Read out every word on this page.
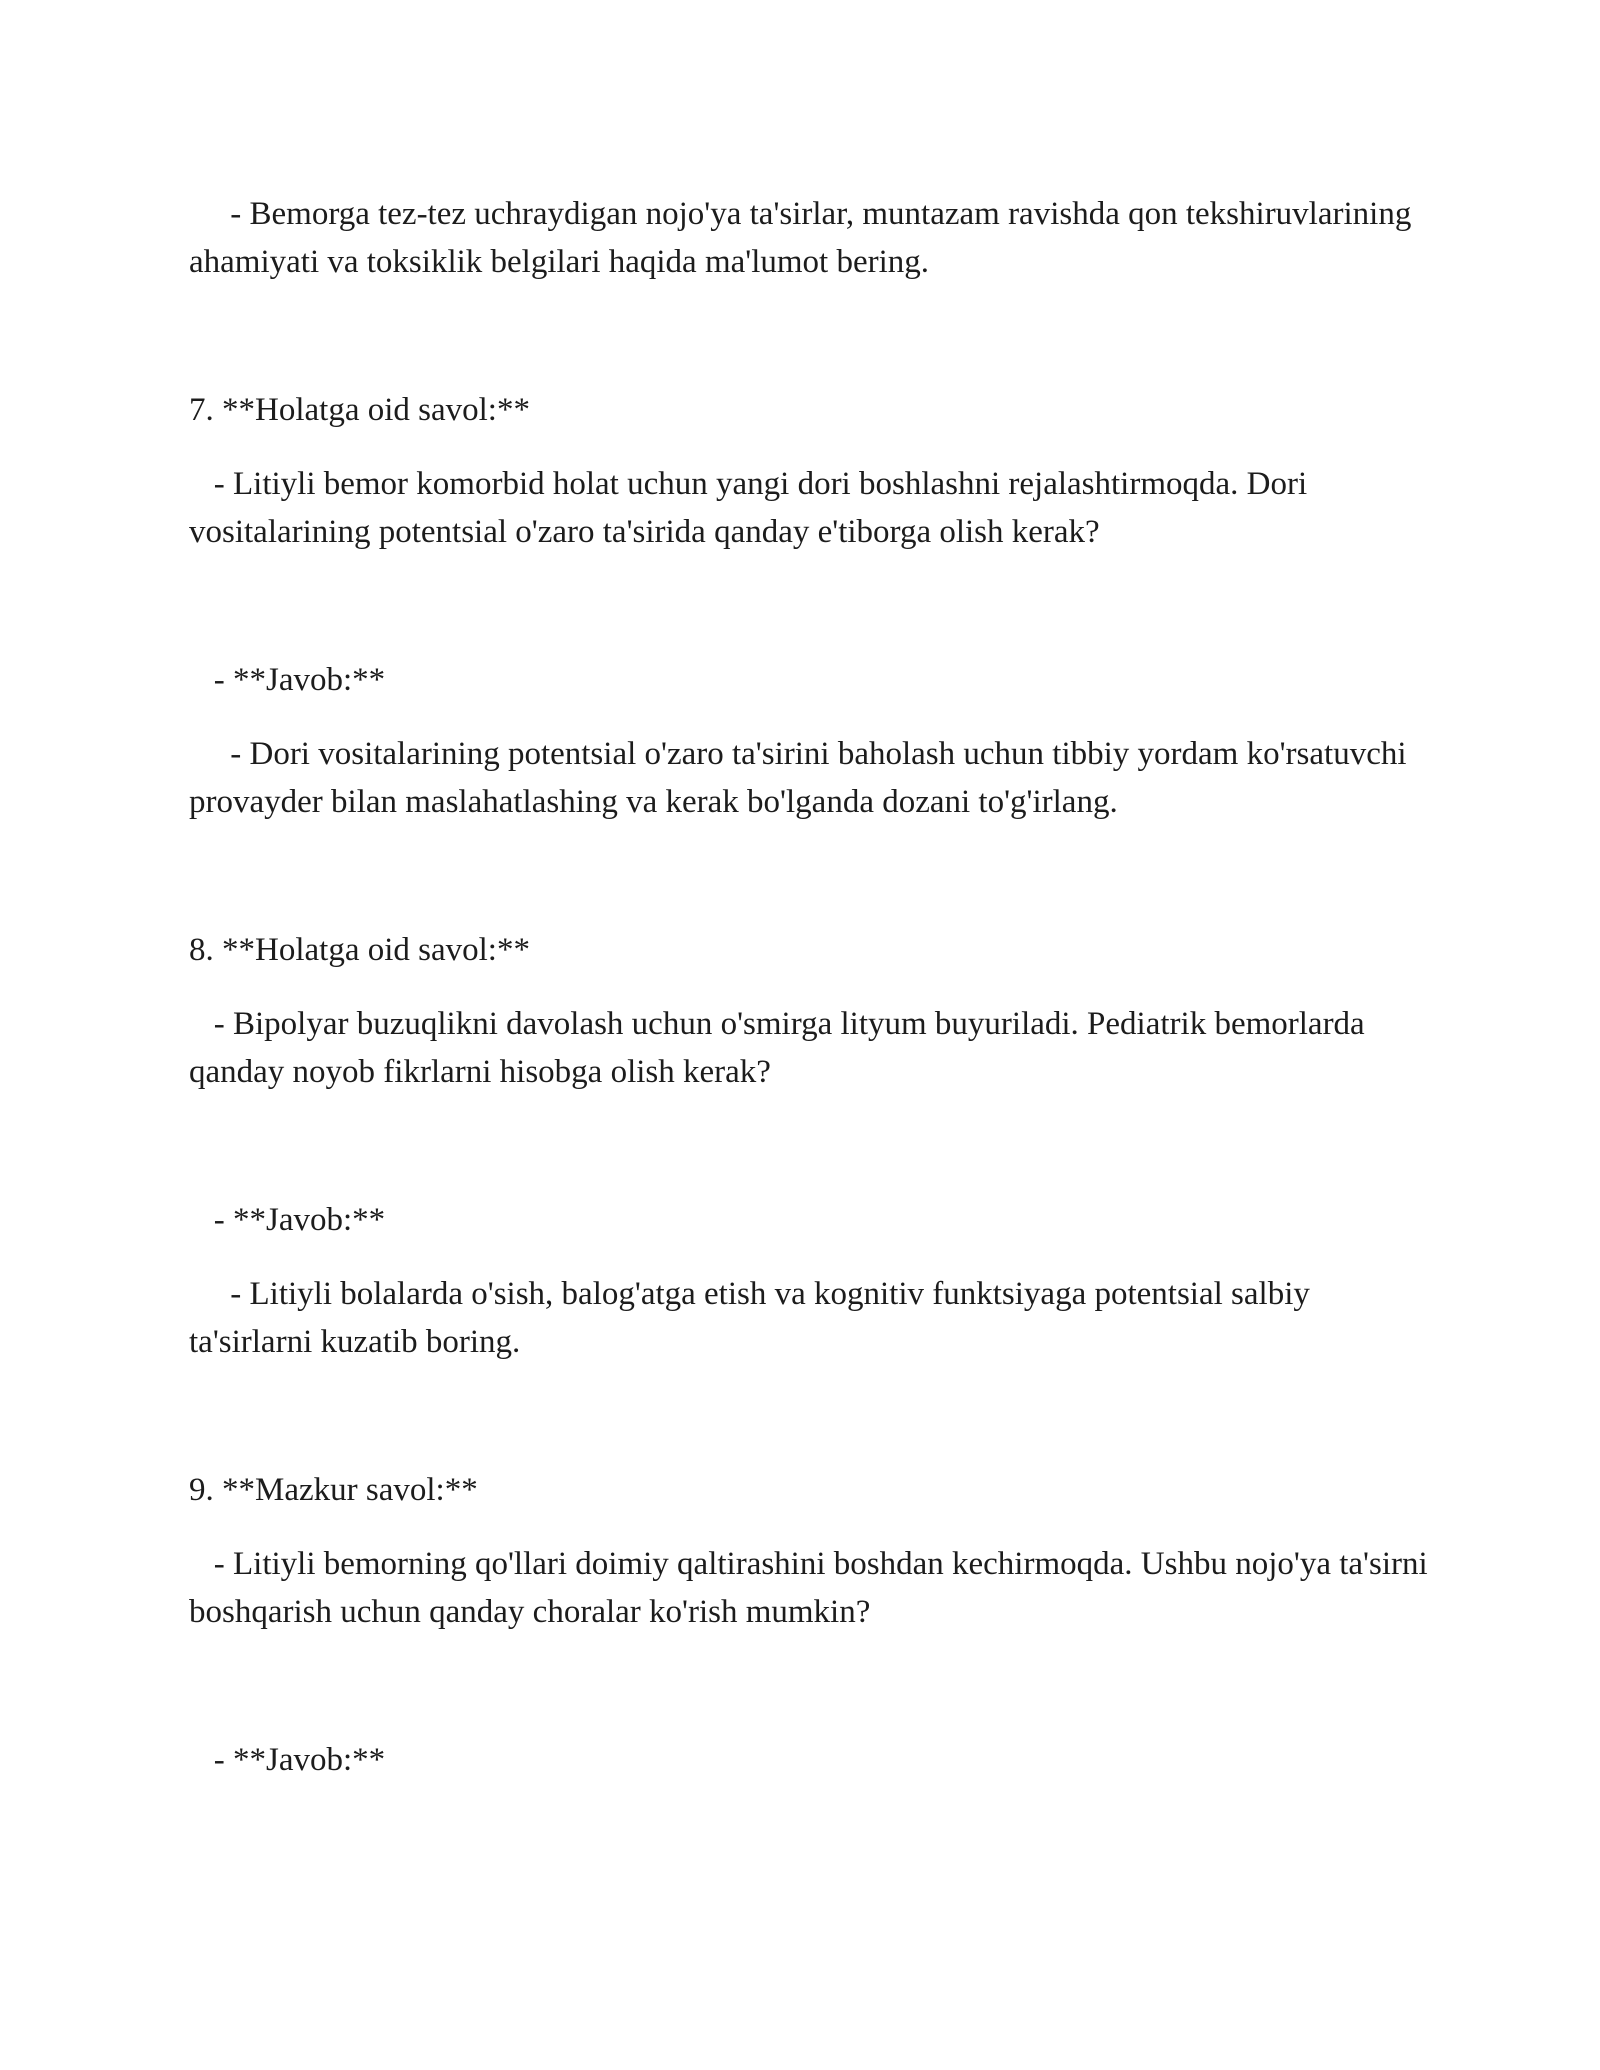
- Bemorga tez-tez uchraydigan nojo'ya ta'sirlar, muntazam ravishda qon tekshiruvlarining ahamiyati va toksiklik belgilari haqida ma'lumot bering.

7. **Holatga oid savol:**

- Litiyli bemor komorbid holat uchun yangi dori boshlashni rejalashtirmoqda. Dori vositalarining potentsial o'zaro ta'sirida qanday e'tiborga olish kerak?

- **Javob:**

- Dori vositalarining potentsial o'zaro ta'sirini baholash uchun tibbiy yordam ko'rsatuvchi provayder bilan maslahatlashing va kerak bo'lganda dozani to'g'irlang.

8. **Holatga oid savol:**

- Bipolyar buzuqlikni davolash uchun o'smirga lityum buyuriladi. Pediatrik bemorlarda qanday noyob fikrlarni hisobga olish kerak?

- **Javob:**

- Litiyli bolalarda o'sish, balog'atga etish va kognitiv funktsiyaga potentsial salbiy ta'sirlarni kuzatib boring.

9. **Mazkur savol:**

- Litiyli bemorning qo'llari doimiy qaltirashini boshdan kechirmoqda. Ushbu nojo'ya ta'sirni boshqarish uchun qanday choralar ko'rish mumkin?

- **Javob:**
